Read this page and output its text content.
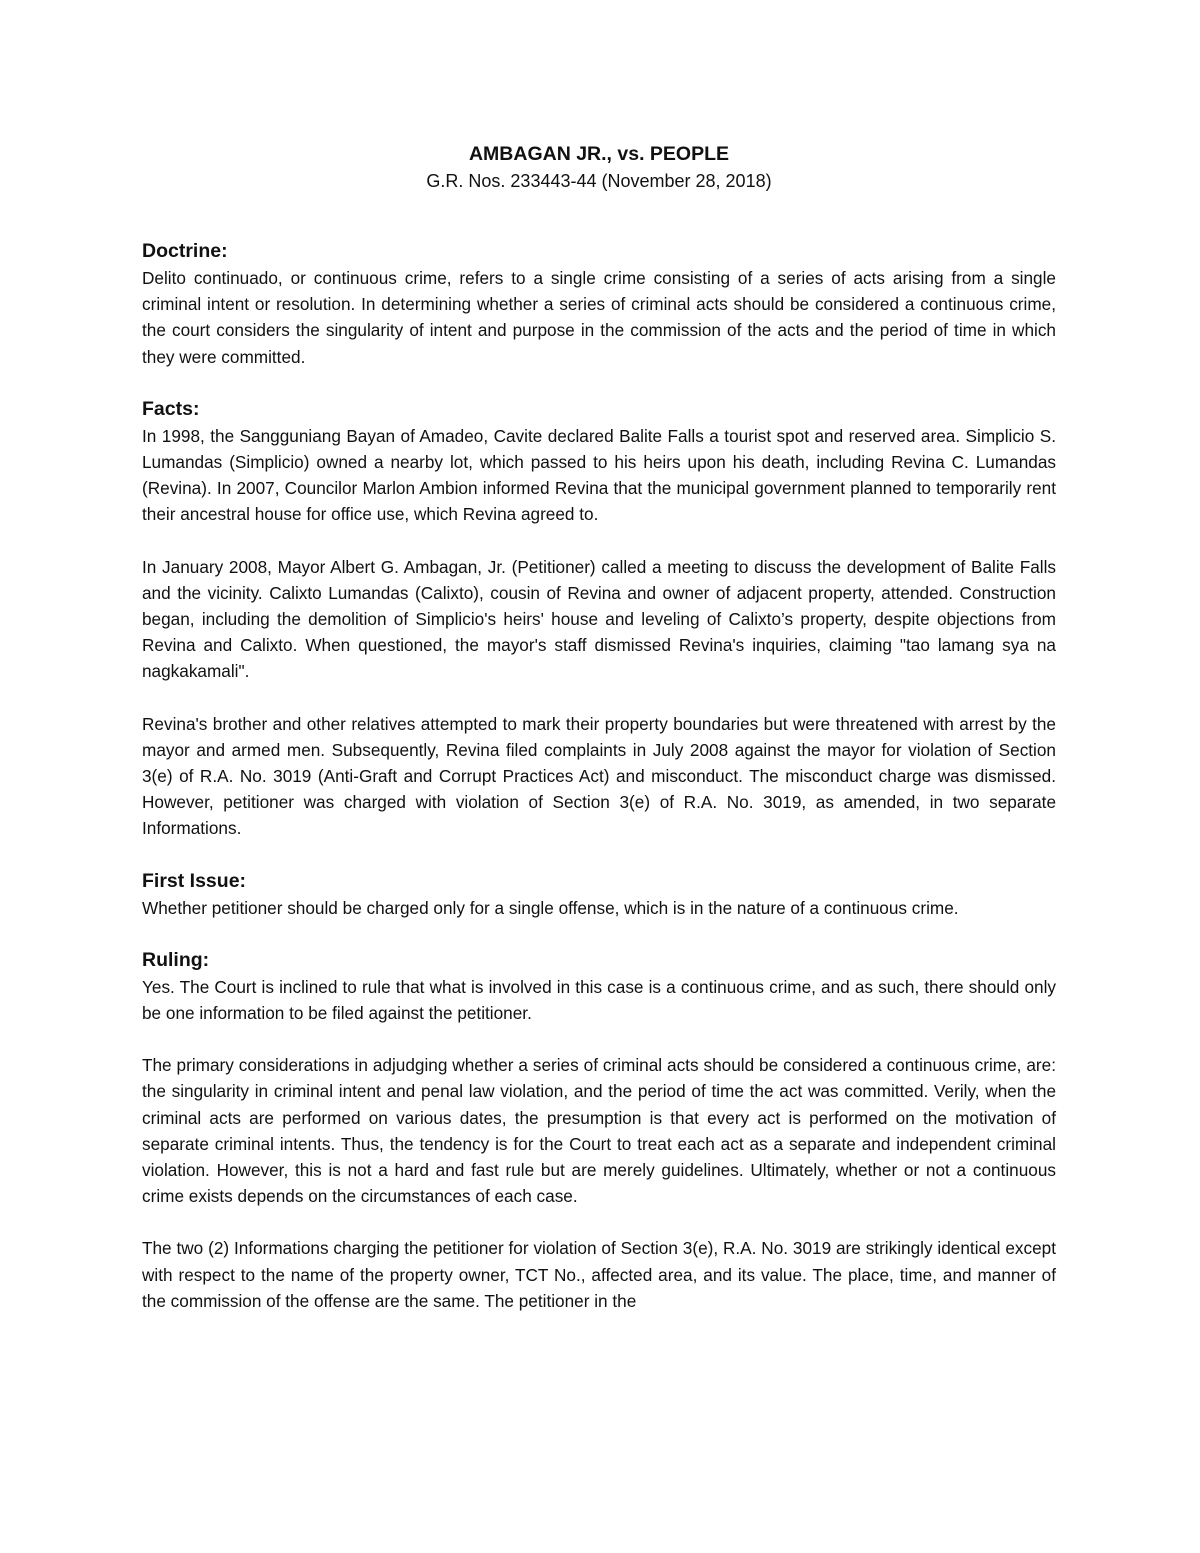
AMBAGAN JR., vs. PEOPLE
G.R. Nos. 233443-44 (November 28, 2018)
Doctrine:

Delito continuado, or continuous crime, refers to a single crime consisting of a series of acts arising from a single criminal intent or resolution. In determining whether a series of criminal acts should be considered a continuous crime, the court considers the singularity of intent and purpose in the commission of the acts and the period of time in which they were committed.

Facts:

In 1998, the Sangguniang Bayan of Amadeo, Cavite declared Balite Falls a tourist spot and reserved area. Simplicio S. Lumandas (Simplicio) owned a nearby lot, which passed to his heirs upon his death, including Revina C. Lumandas (Revina). In 2007, Councilor Marlon Ambion informed Revina that the municipal government planned to temporarily rent their ancestral house for office use, which Revina agreed to.

In January 2008, Mayor Albert G. Ambagan, Jr. (Petitioner) called a meeting to discuss the development of Balite Falls and the vicinity. Calixto Lumandas (Calixto), cousin of Revina and owner of adjacent property, attended. Construction began, including the demolition of Simplicio's heirs' house and leveling of Calixto’s property, despite objections from Revina and Calixto. When questioned, the mayor's staff dismissed Revina's inquiries, claiming "tao lamang sya na nagkakamali".

Revina's brother and other relatives attempted to mark their property boundaries but were threatened with arrest by the mayor and armed men. Subsequently, Revina filed complaints in July 2008 against the mayor for violation of Section 3(e) of R.A. No. 3019 (Anti-Graft and Corrupt Practices Act) and misconduct. The misconduct charge was dismissed. However, petitioner was charged with violation of Section 3(e) of R.A. No. 3019, as amended, in two separate Informations.

First Issue:

Whether petitioner should be charged only for a single offense, which is in the nature of a continuous crime.

Ruling:

Yes. The Court is inclined to rule that what is involved in this case is a continuous crime, and as such, there should only be one information to be filed against the petitioner.

The primary considerations in adjudging whether a series of criminal acts should be considered a continuous crime, are: the singularity in criminal intent and penal law violation, and the period of time the act was committed. Verily, when the criminal acts are performed on various dates, the presumption is that every act is performed on the motivation of separate criminal intents. Thus, the tendency is for the Court to treat each act as a separate and independent criminal violation. However, this is not a hard and fast rule but are merely guidelines. Ultimately, whether or not a continuous crime exists depends on the circumstances of each case.

The two (2) Informations charging the petitioner for violation of Section 3(e), R.A. No. 3019 are strikingly identical except with respect to the name of the property owner, TCT No., affected area, and its value. The place, time, and manner of the commission of the offense are the same. The petitioner in the
